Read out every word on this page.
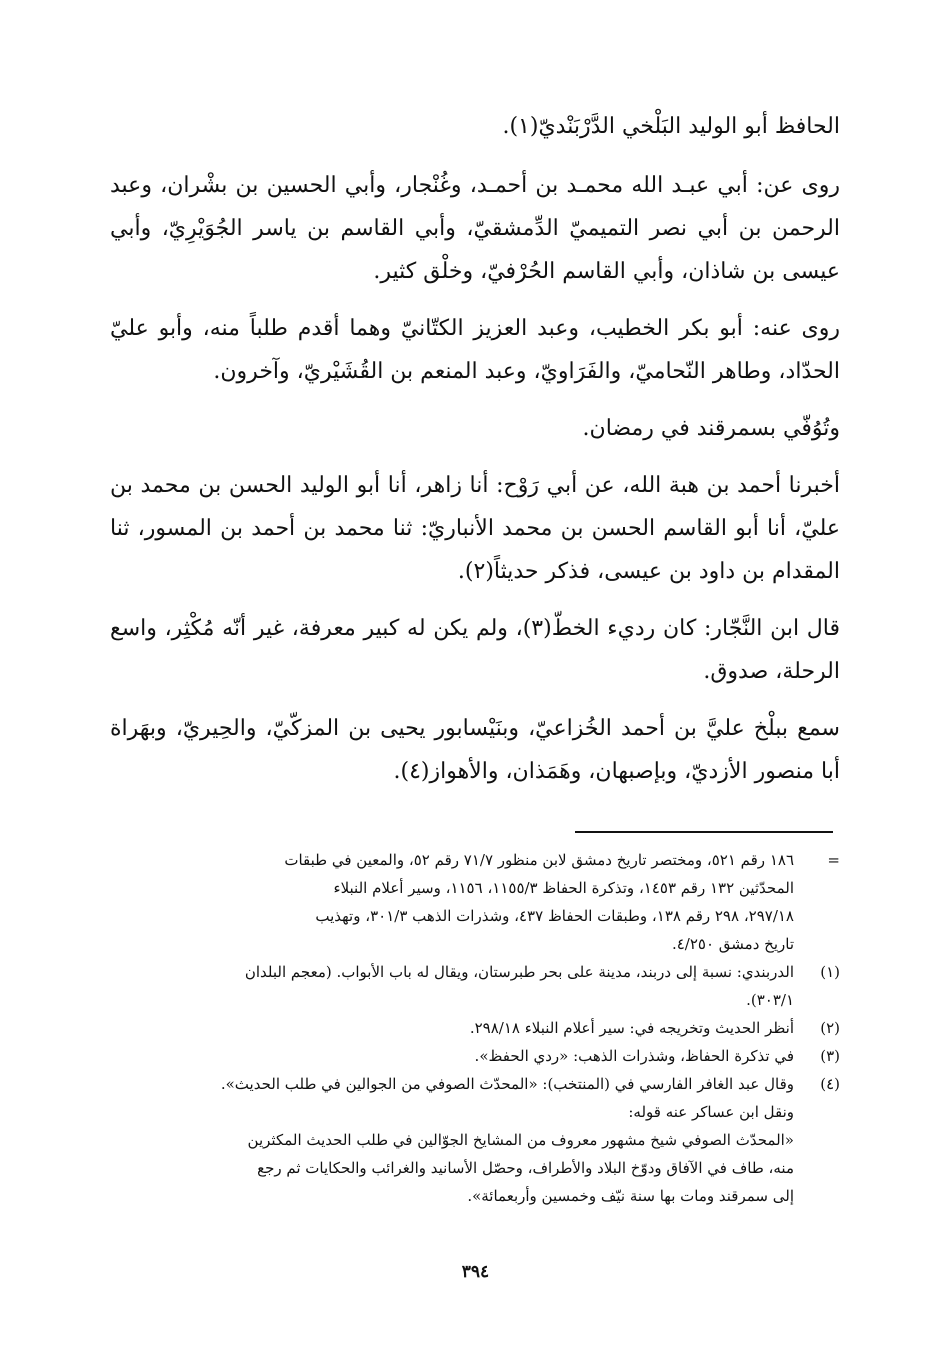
الحافظ أبو الوليد البَلْخي الدَّرْبَنْديّ(١).

روى عن: أبي عبـد الله محمـد بن أحمـد، وغُنْجار، وأبي الحسين بن بشْران، وعبد الرحمن بن أبي نصر التميميّ الدِّمشقيّ، وأبي القاسم بن ياسر الجُوَيْرِيّ، وأبي عيسى بن شاذان، وأبي القاسم الحُرْفيّ، وخلْق كثير.

روى عنه: أبو بكر الخطيب، وعبد العزيز الكتّانيّ وهما أقدم طلباً منه، وأبو عليّ الحدّاد، وطاهر النّحاميّ، والفَرَاويّ، وعبد المنعم بن القُشَيْريّ، وآخرون.

وتُوُفّي بسمرقند في رمضان.

أخبرنا أحمد بن هبة الله، عن أبي رَوْح: أنا زاهر، أنا أبو الوليد الحسن بن محمد بن عليّ، أنا أبو القاسم الحسن بن محمد الأنباريّ: ثنا محمد بن أحمد بن المسور، ثنا المقدام بن داود بن عيسى، فذكر حديثاً(٢).

قال ابن النَّجّار: كان رديء الخطّ(٣)، ولم يكن له كبير معرفة، غير أنّه مُكْثِر، واسع الرحلة، صدوق.

سمع ببلْخ عليَّ بن أحمد الخُزاعيّ، وبنَيْسابور يحيى بن المزكّيّ، والحِيريّ، وبهَراة أبا منصور الأزديّ، وبإصبهان، وهَمَذان، والأهواز(٤).

=
١٨٦ رقم ٥٢١، ومختصر تاريخ دمشق لابن منظور ٧١/٧ رقم ٥٢، والمعين في طبقات
المحدّثين ١٣٢ رقم ١٤٥٣، وتذكرة الحفاظ ١١٥٥/٣، ١١٥٦، وسير أعلام النبلاء
٢٩٧/١٨، ٢٩٨ رقم ١٣٨، وطبقات الحفاظ ٤٣٧، وشذرات الذهب ٣٠١/٣، وتهذيب
تاريخ دمشق ٤/٢٥٠.
(١)
الدربندي: نسبة إلى دربند، مدينة على بحر طبرستان، ويقال له باب الأبواب. (معجم البلدان
٣٠٣/١).
(٢)
أنظر الحديث وتخريجه في: سير أعلام النبلاء ٢٩٨/١٨.
(٣)
في تذكرة الحفاظ، وشذرات الذهب: «ردي الحفظ».
(٤)
وقال عبد الغافر الفارسي في (المنتخب): «المحدّث الصوفي من الجوالين في طلب الحديث».
ونقل ابن عساكر عنه قوله:
«المحدّث الصوفي شيخ مشهور معروف من المشايخ الجوّالين في طلب الحديث المكثرين
منه، طاف في الآفاق ودوّخ البلاد والأطراف، وحصّل الأسانيد والغرائب والحكايات ثم رجع
إلى سمرقند ومات بها سنة نيّف وخمسين وأربعمائة».
٣٩٤
